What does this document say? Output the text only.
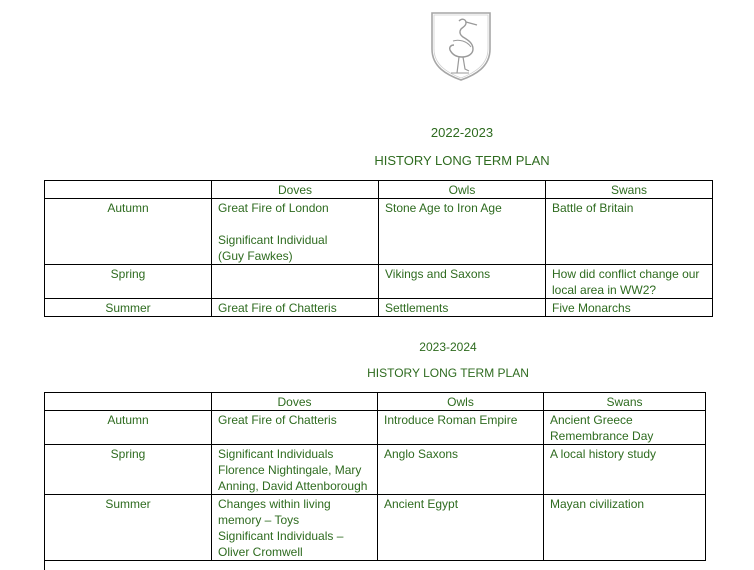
2022-2023
HISTORY LONG TERM PLAN
	Doves	Owls	Swans
Autumn	Great Fire of London
Significant Individual
(Guy Fawkes)	Stone Age to Iron Age	Battle of Britain

Spring		Vikings and Saxons	How did conflict change our
local area in WW2?

Summer	Great Fire of Chatteris	Settlements	Five Monarchs
2023-2024
HISTORY LONG TERM PLAN
	Doves	Owls	Swans
Autumn	Great Fire of Chatteris	Introduce Roman Empire	Ancient Greece
Remembrance Day

Spring	Significant Individuals
Florence Nightingale, Mary
Anning, David Attenborough	Anglo Saxons	A local history study

Summer	Changes within living
memory – Toys
Significant Individuals –
Oliver Cromwell	Ancient Egypt	Mayan civilization
